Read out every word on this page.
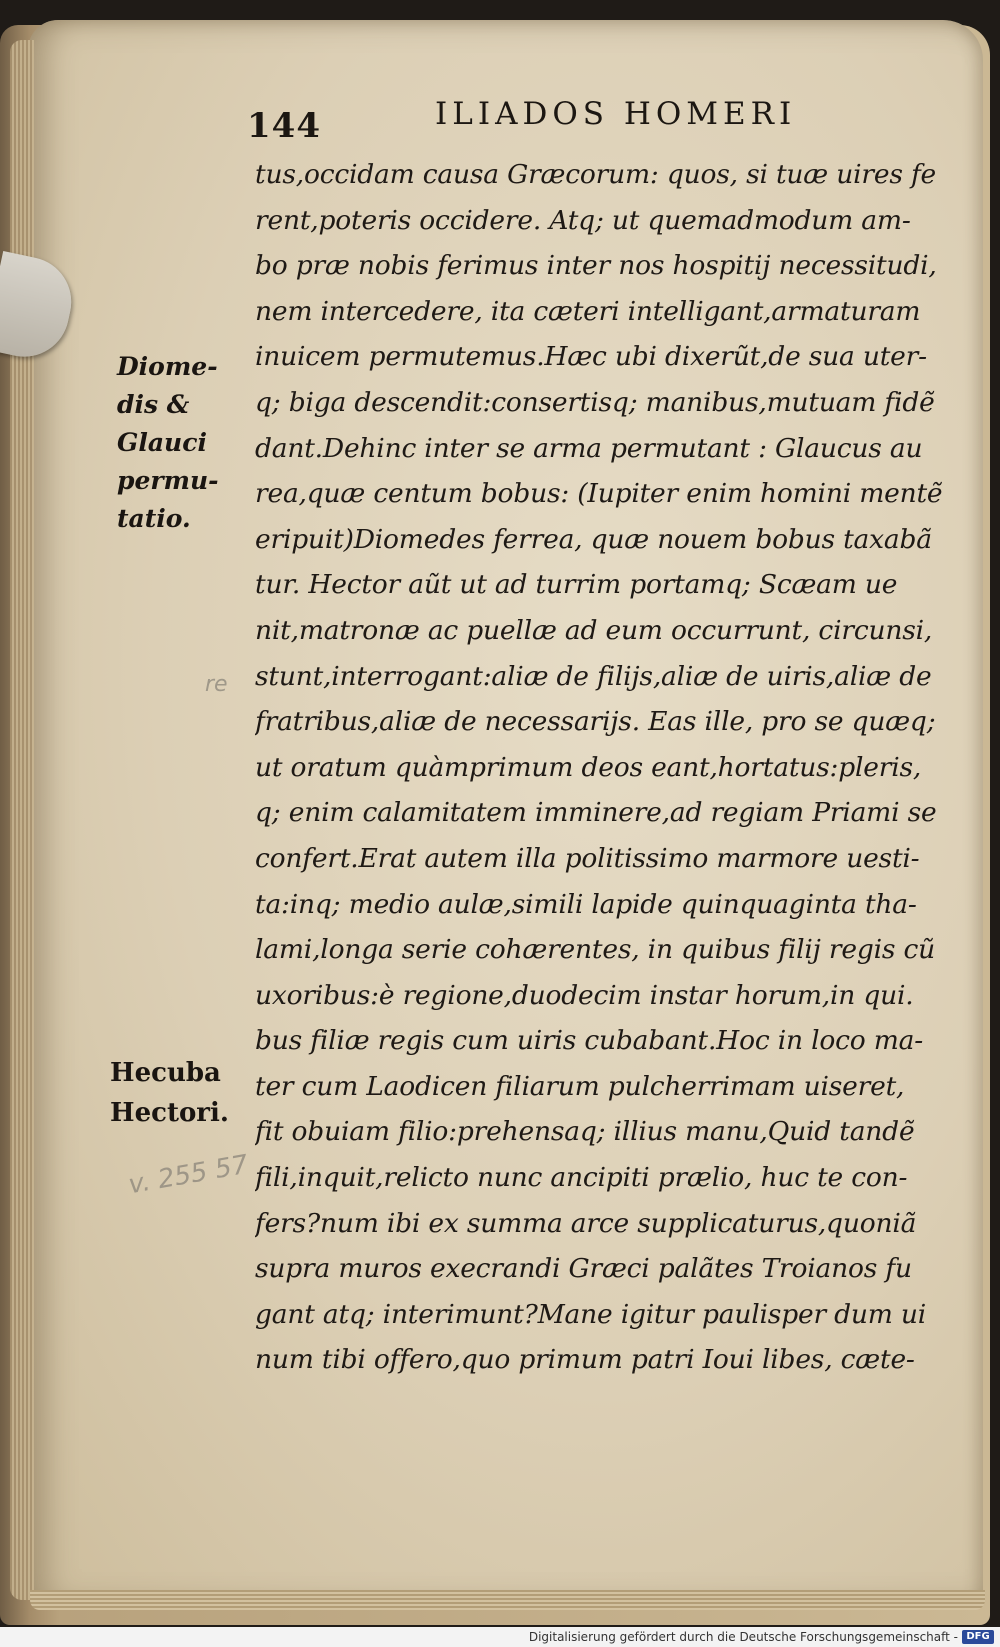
144	ILIADOS HOMERI
tus,occidam causa Græcorum: quos, si tuæ uires fe
rent,poteris occidere. Atq; ut quemadmodum am-
bo præ nobis ferimus inter nos hospitij necessitudi,
nem intercedere, ita cæteri intelligant,armaturam
inuicem permutemus.Hæc ubi dixerũt,de sua uter-
q; biga descendit:consertisq; manibus,mutuam fidẽ
dant.Dehinc inter se arma permutant : Glaucus au
rea,quæ centum bobus: (Iupiter enim homini mentẽ
eripuit)Diomedes ferrea, quæ nouem bobus taxabã
tur. Hector aũt ut ad turrim portamq; Scæam ue
nit,matronæ ac puellæ ad eum occurrunt, circunsi,
stunt,interrogant:aliæ de filijs,aliæ de uiris,aliæ de
fratribus,aliæ de necessarijs. Eas ille, pro se quæq;
ut oratum quàmprimum deos eant,hortatus:pleris,
q; enim calamitatem imminere,ad regiam Priami se
confert.Erat autem illa politissimo marmore uesti-
ta:inq; medio aulæ,simili lapide quinquaginta tha-
lami,longa serie cohærentes, in quibus filij regis cũ
uxoribus:è regione,duodecim instar horum,in qui.
bus filiæ regis cum uiris cubabant.Hoc in loco ma-
ter cum Laodicen filiarum pulcherrimam uiseret,
fit obuiam filio:prehensaq; illius manu,Quid tandẽ
fili,inquit,relicto nunc ancipiti prælio, huc te con-
fers?num ibi ex summa arce supplicaturus,quoniã
supra muros execrandi Græci palãtes Troianos fu
gant atq; interimunt?Mane igitur paulisper dum ui
num tibi offero,quo primum patri Ioui libes, cæte-
Diome-
dis &
Glauci
permu-
tatio.
Hecuba
Hectori.
v. 255 57
re
Digitalisierung gefördert durch die Deutsche Forschungsgemeinschaft - DFG
